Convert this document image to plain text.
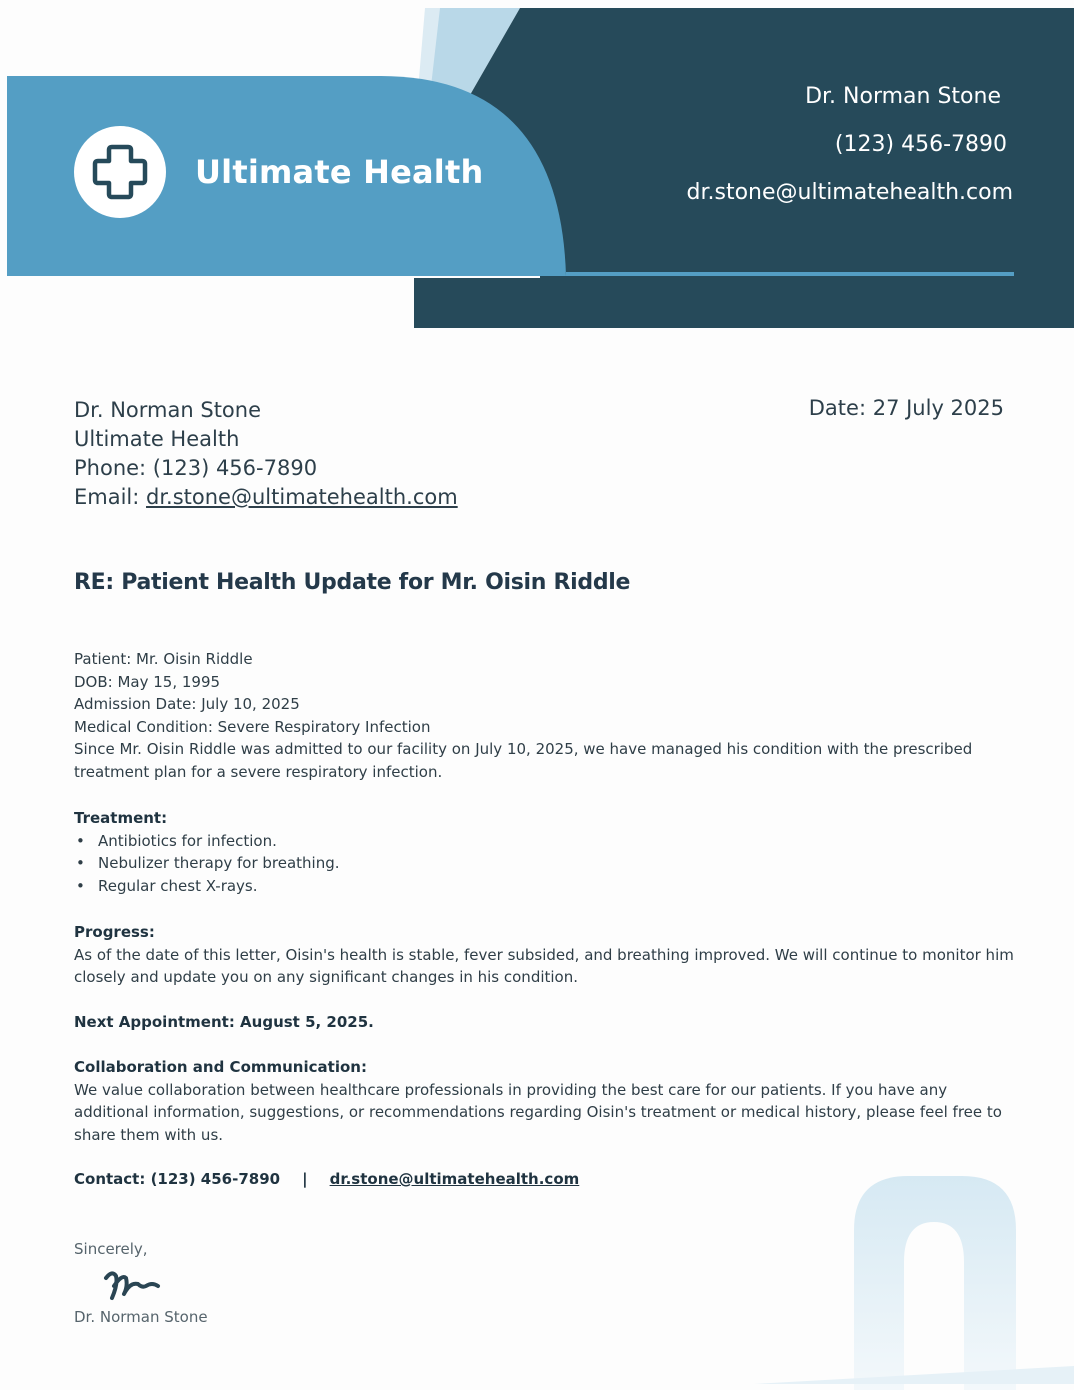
Ultimate Health
Dr. Norman Stone
(123) 456-7890
dr.stone@ultimatehealth.com
Dr. Norman Stone
Ultimate Health
Phone: (123) 456-7890
Email: dr.stone@ultimatehealth.com
Date: 27 July 2025
RE: Patient Health Update for Mr. Oisin Riddle
Patient: Mr. Oisin Riddle
DOB: May 15, 1995
Admission Date: July 10, 2025
Medical Condition: Severe Respiratory Infection
Since Mr. Oisin Riddle was admitted to our facility on July 10, 2025, we have managed his condition with the prescribed treatment plan for a severe respiratory infection.
Treatment:
• Antibiotics for infection.
• Nebulizer therapy for breathing.
• Regular chest X-rays.
Progress:
As of the date of this letter, Oisin's health is stable, fever subsided, and breathing improved. We will continue to monitor him closely and update you on any significant changes in his condition.
Next Appointment: August 5, 2025.
Collaboration and Communication:
We value collaboration between healthcare professionals in providing the best care for our patients. If you have any additional information, suggestions, or recommendations regarding Oisin's treatment or medical history, please feel free to share them with us.
Contact: (123) 456-7890 | dr.stone@ultimatehealth.com
Sincerely,
Dr. Norman Stone
